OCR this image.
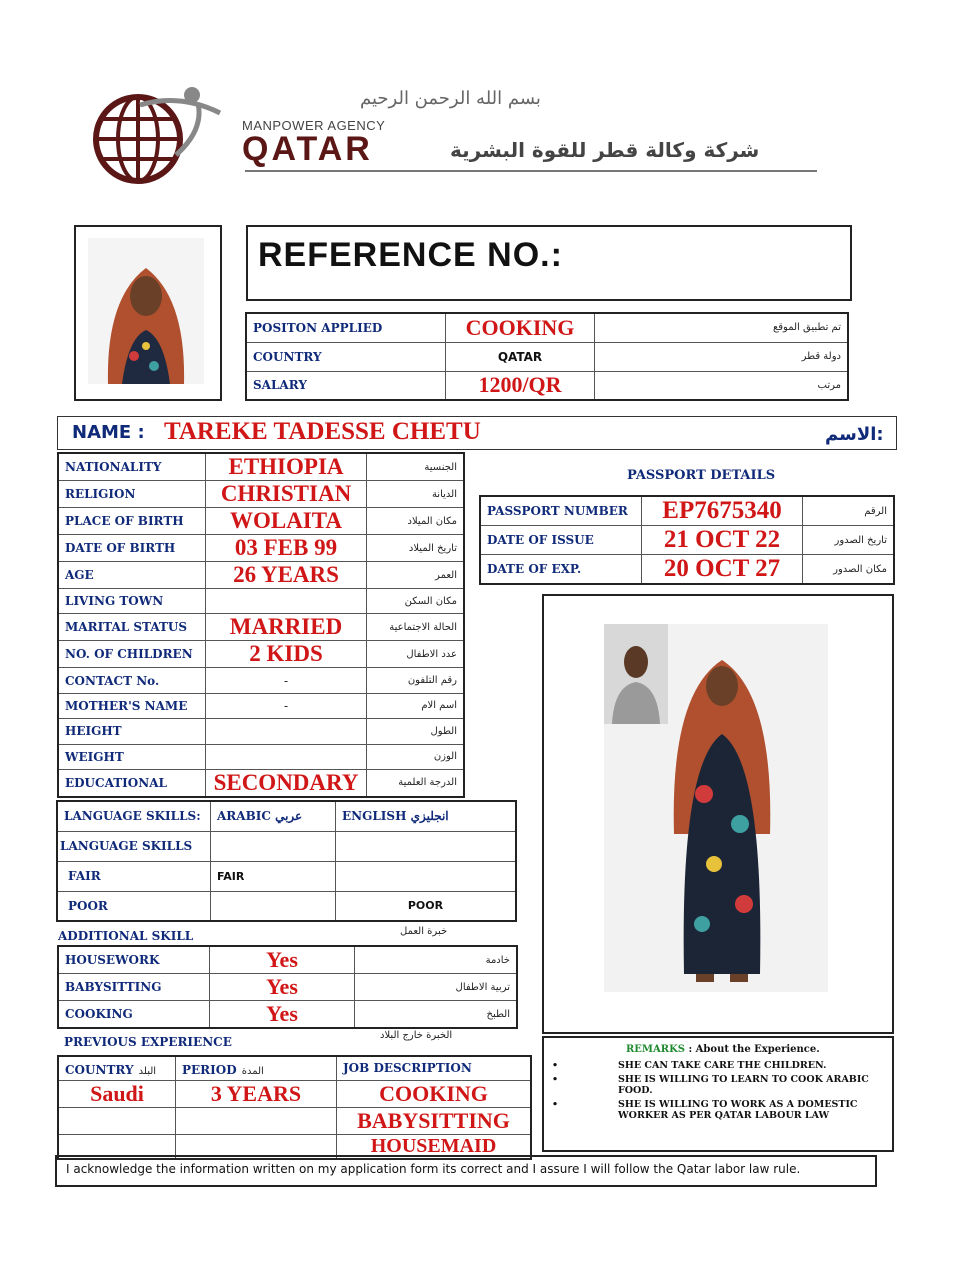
بسم الله الرحمن الرحيم
MANPOWER AGENCY
QATAR	شركة وكالة قطر للقوة البشرية
REFERENCE NO.:
POSITON APPLIED	COOKING	تم تطبيق الموقع
COUNTRY	QATAR	دولة قطر
SALARY	1200/QR	مرتب
NAME : TAREKE TADESSE CHETU	الاسم:
NATIONALITY	ETHIOPIA	الجنسية
RELIGION	CHRISTIAN	الديانة
PLACE OF BIRTH	WOLAITA	مكان الميلاد
DATE OF BIRTH	03 FEB 99	تاريخ الميلاد
AGE	26 YEARS	العمر
LIVING TOWN		مكان السكن
MARITAL STATUS	MARRIED	الحالة الاجتماعية
NO. OF CHILDREN	2 KIDS	عدد الاطفال
CONTACT No.	-	رقم التلفون
MOTHER'S NAME	-	اسم الام
HEIGHT		الطول
WEIGHT		الوزن
EDUCATIONAL	SECONDARY	الدرجة العلمية
PASSPORT DETAILS
PASSPORT NUMBER	EP7675340	الرقم
DATE OF ISSUE	21 OCT 22	تاريخ الصدور
DATE OF EXP.	20 OCT 27	مكان الصدور
LANGUAGE SKILLS:	ARABIC عربي	ENGLISH انجليزي
LANGUAGE SKILLS		
FAIR	FAIR	
POOR		POOR
ADDITIONAL SKILL	خبرة العمل
HOUSEWORK	Yes	خادمة
BABYSITTING	Yes	تربية الاطفال
COOKING	Yes	الطبخ
PREVIOUS EXPERIENCE	الخبرة خارج البلاد
COUNTRY البلد	PERIOD المدة	JOB DESCRIPTION
Saudi	3 YEARS	COOKING
		BABYSITTING
		HOUSEMAID
REMARKS : About the Experience.
•	SHE CAN TAKE CARE THE CHILDREN.
•	SHE IS WILLING TO LEARN TO COOK ARABIC FOOD.
•	SHE IS WILLING TO WORK AS A DOMESTIC WORKER AS PER QATAR LABOUR LAW
I acknowledge the information written on my application form its correct and I assure I will follow the Qatar labor law rule.
